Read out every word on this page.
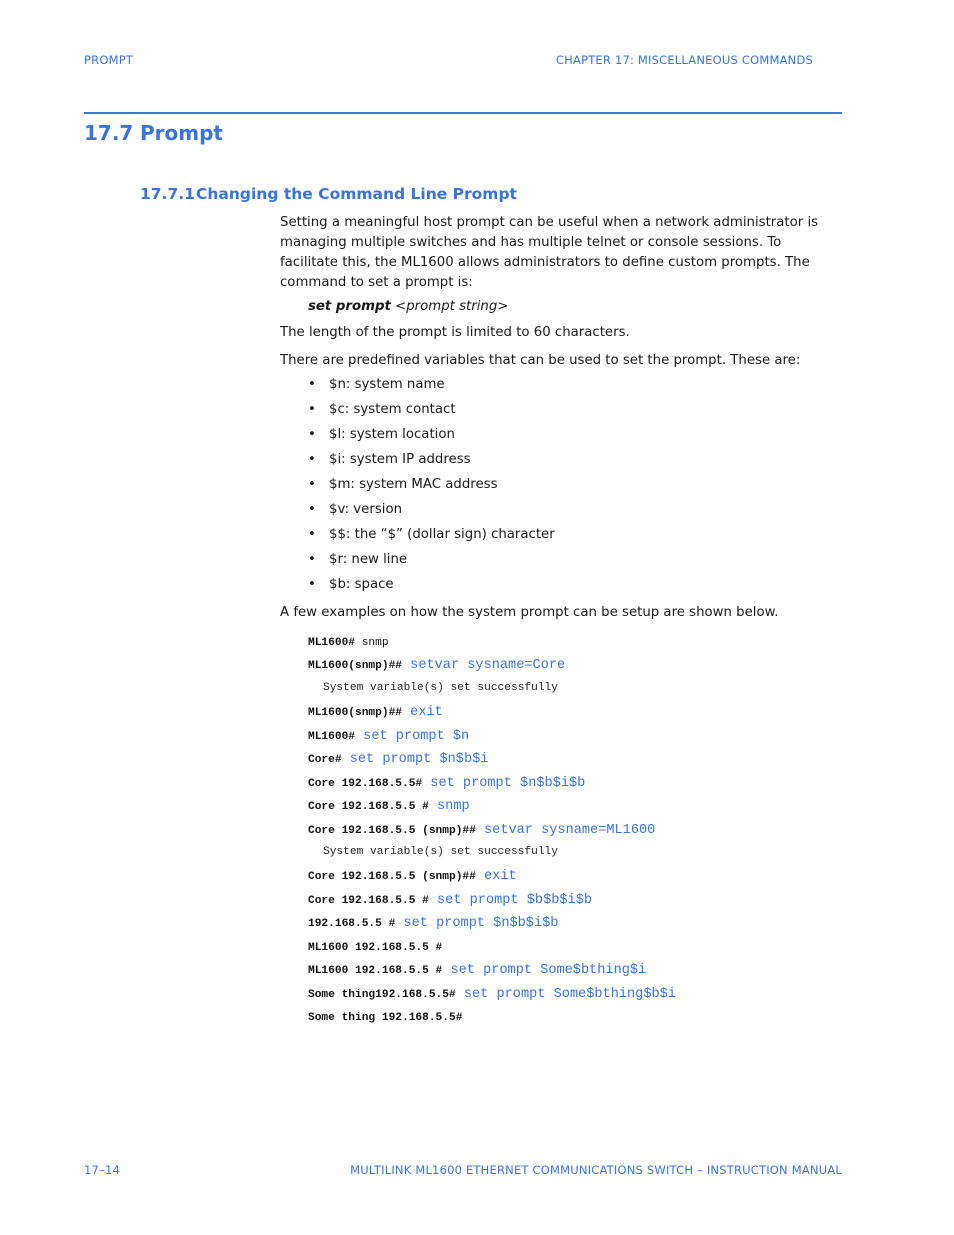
PROMPT	CHAPTER 17: MISCELLANEOUS COMMANDS
17.7 Prompt
17.7.1Changing the Command Line Prompt
Setting a meaningful host prompt can be useful when a network administrator is managing multiple switches and has multiple telnet or console sessions. To facilitate this, the ML1600 allows administrators to define custom prompts. The command to set a prompt is:
set prompt <prompt string>
The length of the prompt is limited to 60 characters.
There are predefined variables that can be used to set the prompt. These are:
• $n: system name
• $c: system contact
• $l: system location
• $i: system IP address
• $m: system MAC address
• $v: version
• $$: the “$” (dollar sign) character
• $r: new line
• $b: space
A few examples on how the system prompt can be setup are shown below.
ML1600# snmp
ML1600(snmp)## setvar sysname=Core
System variable(s) set successfully
ML1600(snmp)## exit
ML1600# set prompt $n
Core# set prompt $n$b$i
Core 192.168.5.5# set prompt $n$b$i$b
Core 192.168.5.5 # snmp
Core 192.168.5.5 (snmp)## setvar sysname=ML1600
System variable(s) set successfully
Core 192.168.5.5 (snmp)## exit
Core 192.168.5.5 # set prompt $b$b$i$b
192.168.5.5 # set prompt $n$b$i$b
ML1600 192.168.5.5 #
ML1600 192.168.5.5 # set prompt Some$bthing$i
Some thing192.168.5.5# set prompt Some$bthing$b$i
Some thing 192.168.5.5#
17–14	MULTILINK ML1600 ETHERNET COMMUNICATIONS SWITCH – INSTRUCTION MANUAL
